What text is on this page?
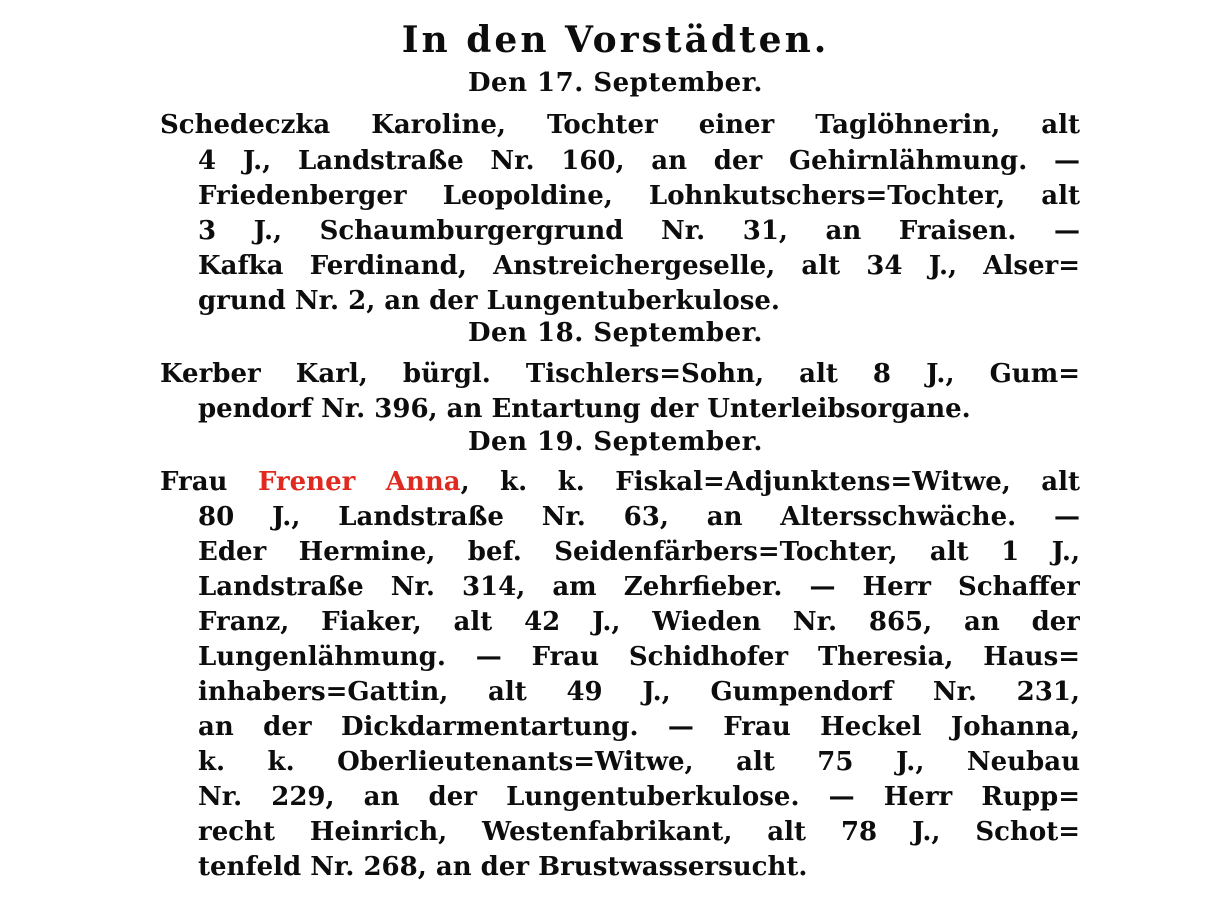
In den Vorstädten.
Den 17. September.
Schedeczka Karoline, Tochter einer Taglöhnerin, alt
4 J., Landstraße Nr. 160, an der Gehirnlähmung. —
Friedenberger Leopoldine, Lohnkutschers=Tochter, alt
3 J., Schaumburgergrund Nr. 31, an Fraisen. —
Kafka Ferdinand, Anstreichergeselle, alt 34 J., Alser=
grund Nr. 2, an der Lungentuberkulose.
Den 18. September.
Kerber Karl, bürgl. Tischlers=Sohn, alt 8 J., Gum=
pendorf Nr. 396, an Entartung der Unterleibsorgane.
Den 19. September.
Frau Frener Anna, k. k. Fiskal=Adjunktens=Witwe, alt
80 J., Landstraße Nr. 63, an Altersschwäche. —
Eder Hermine, bef. Seidenfärbers=Tochter, alt 1 J.,
Landstraße Nr. 314, am Zehrfieber. — Herr Schaffer
Franz, Fiaker, alt 42 J., Wieden Nr. 865, an der
Lungenlähmung. — Frau Schidhofer Theresia, Haus=
inhabers=Gattin, alt 49 J., Gumpendorf Nr. 231,
an der Dickdarmentartung. — Frau Heckel Johanna,
k. k. Oberlieutenants=Witwe, alt 75 J., Neubau
Nr. 229, an der Lungentuberkulose. — Herr Rupp=
recht Heinrich, Westenfabrikant, alt 78 J., Schot=
tenfeld Nr. 268, an der Brustwassersucht.
